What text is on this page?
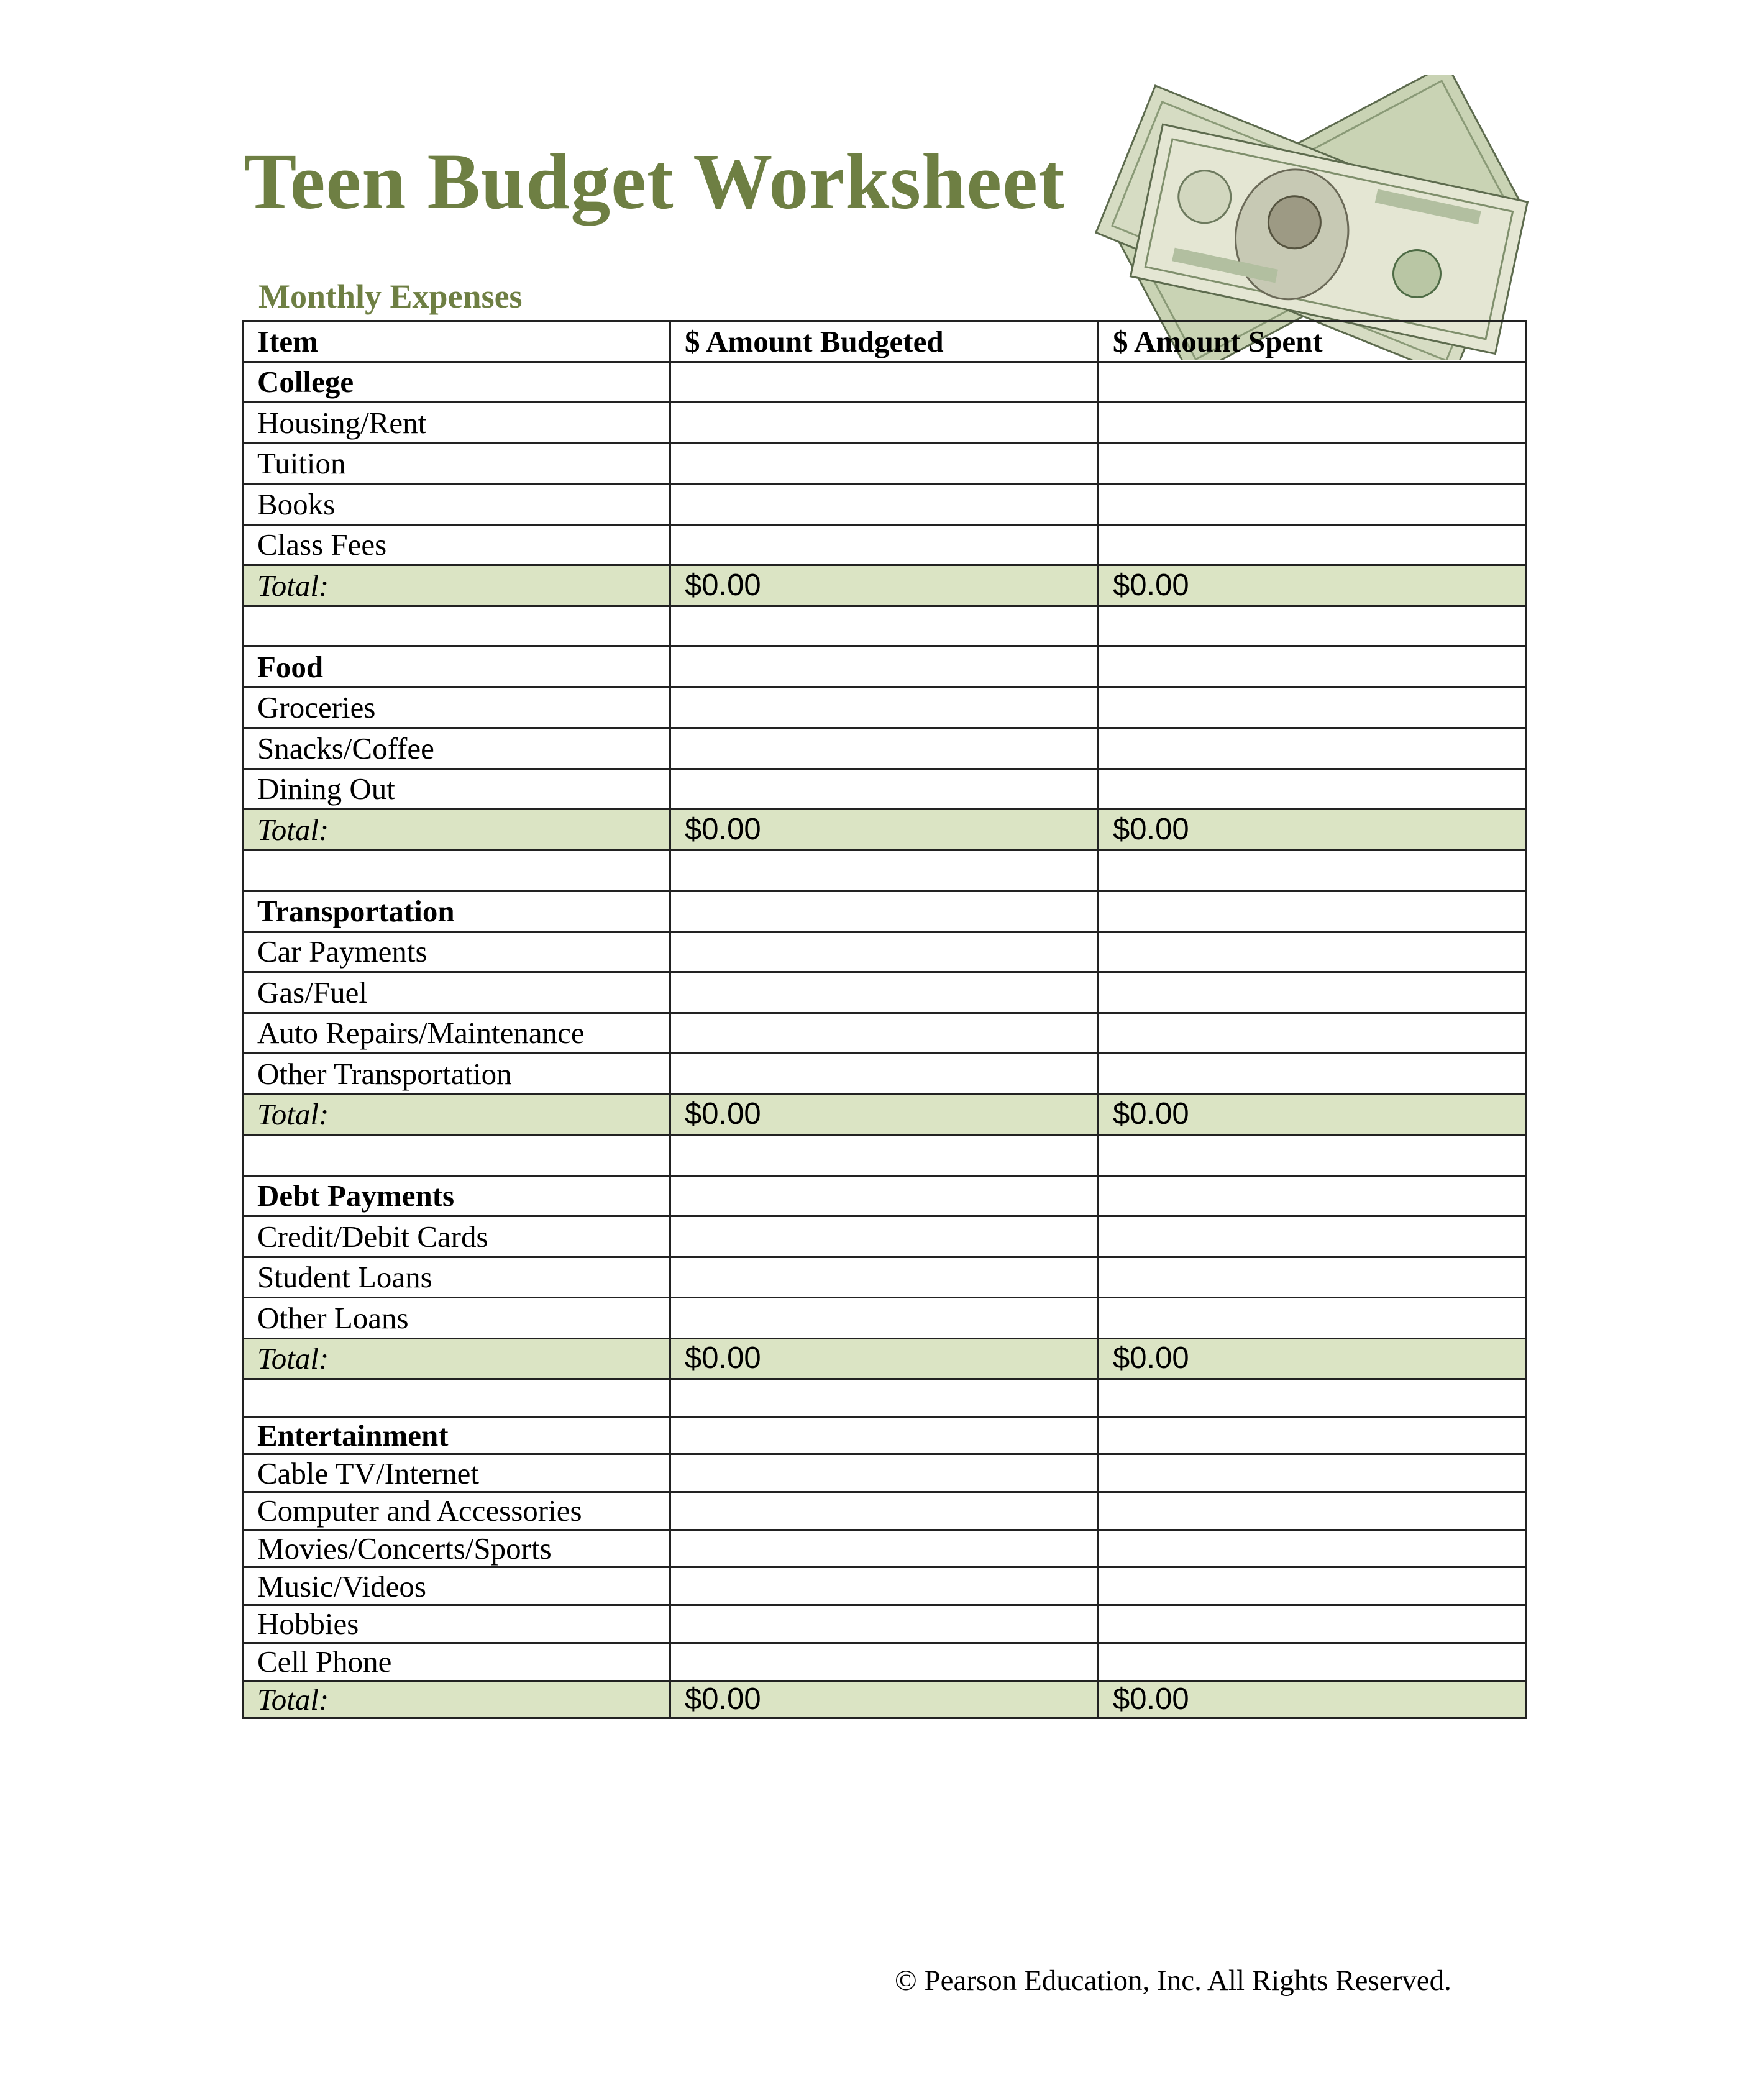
Teen Budget Worksheet
Monthly Expenses
Item	$ Amount Budgeted	$ Amount Spent
College		
Housing/Rent		
Tuition		
Books		
Class Fees		
Total:	$0.00	$0.00

Food		
Groceries		
Snacks/Coffee		
Dining Out		
Total:	$0.00	$0.00

Transportation		
Car Payments		
Gas/Fuel		
Auto Repairs/Maintenance		
Other Transportation		
Total:	$0.00	$0.00

Debt Payments		
Credit/Debit Cards		
Student Loans		
Other Loans		
Total:	$0.00	$0.00

Entertainment		
Cable TV/Internet		
Computer and Accessories		
Movies/Concerts/Sports		
Music/Videos		
Hobbies		
Cell Phone		
Total:	$0.00	$0.00
© Pearson Education, Inc. All Rights Reserved.
